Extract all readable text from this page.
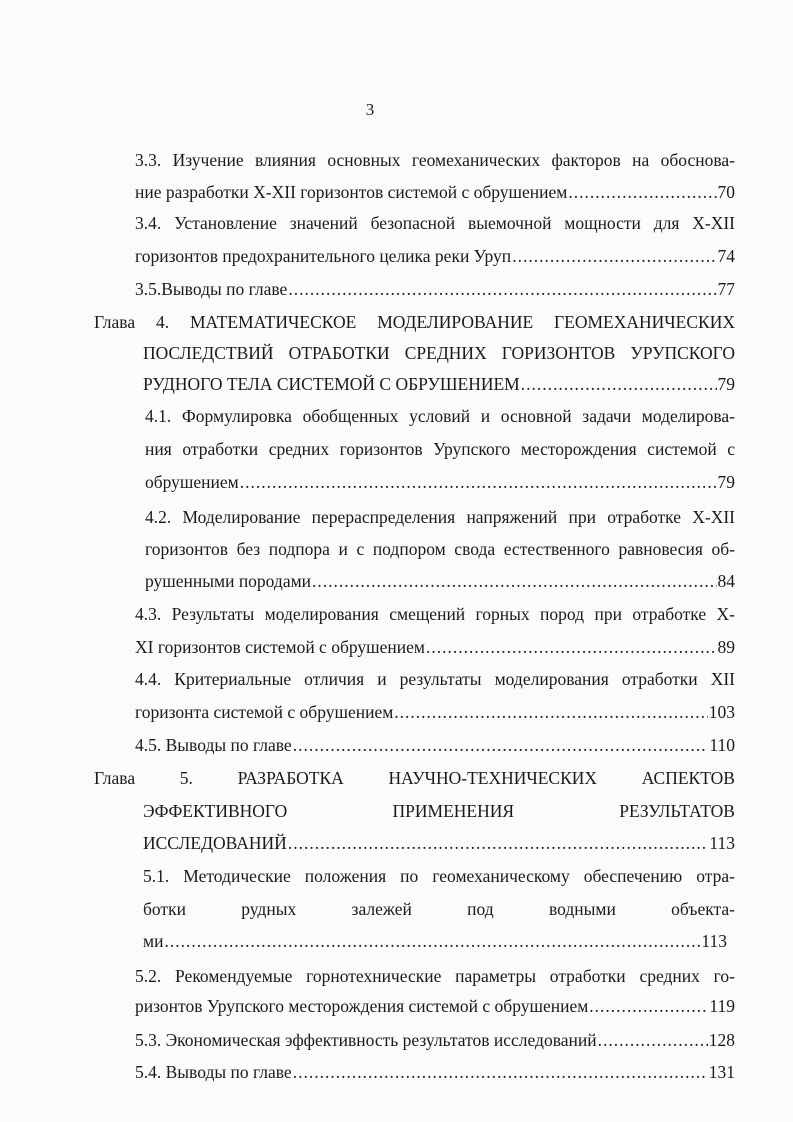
3
3.3. Изучение влияния основных геомеханических факторов на обоснова-
ние разработки X-XII горизонтов системой с обрушением .....	70
3.4. Установление значений безопасной выемочной мощности для X-XII
горизонтов предохранительного целика реки Уруп .....	74
3.5.Выводы по главе .....	77
Глава 4. МАТЕМАТИЧЕСКОЕ МОДЕЛИРОВАНИЕ ГЕОМЕХАНИЧЕСКИХ
ПОСЛЕДСТВИЙ ОТРАБОТКИ СРЕДНИХ ГОРИЗОНТОВ УРУПСКОГО
РУДНОГО ТЕЛА СИСТЕМОЙ С ОБРУШЕНИЕМ .....	79
4.1. Формулировка обобщенных условий и основной задачи моделирова-
ния отработки средних горизонтов Урупского месторождения системой с
обрушением .....	79
4.2. Моделирование перераспределения напряжений при отработке X-XII
горизонтов без подпора и с подпором свода естественного равновесия об-
рушенными породами .....	84
4.3. Результаты моделирования смещений горных пород при отработке X-
XI горизонтов системой с обрушением .....	89
4.4. Критериальные отличия и результаты моделирования отработки XII
горизонта системой с обрушением .....	103
4.5. Выводы по главе .....	110
Глава	5.	РАЗРАБОТКА	НАУЧНО-ТЕХНИЧЕСКИХ	АСПЕКТОВ
ЭФФЕКТИВНОГО	ПРИМЕНЕНИЯ	РЕЗУЛЬТАТОВ
ИССЛЕДОВАНИЙ .....	113
5.1. Методические положения по геомеханическому обеспечению отра-
ботки	рудных	залежей	под	водными	объекта-
ми .....	113
5.2. Рекомендуемые горнотехнические параметры отработки средних го-
ризонтов Урупского месторождения системой с обрушением .....	119
5.3. Экономическая эффективность результатов исследований .....	128
5.4. Выводы по главе .....	131
